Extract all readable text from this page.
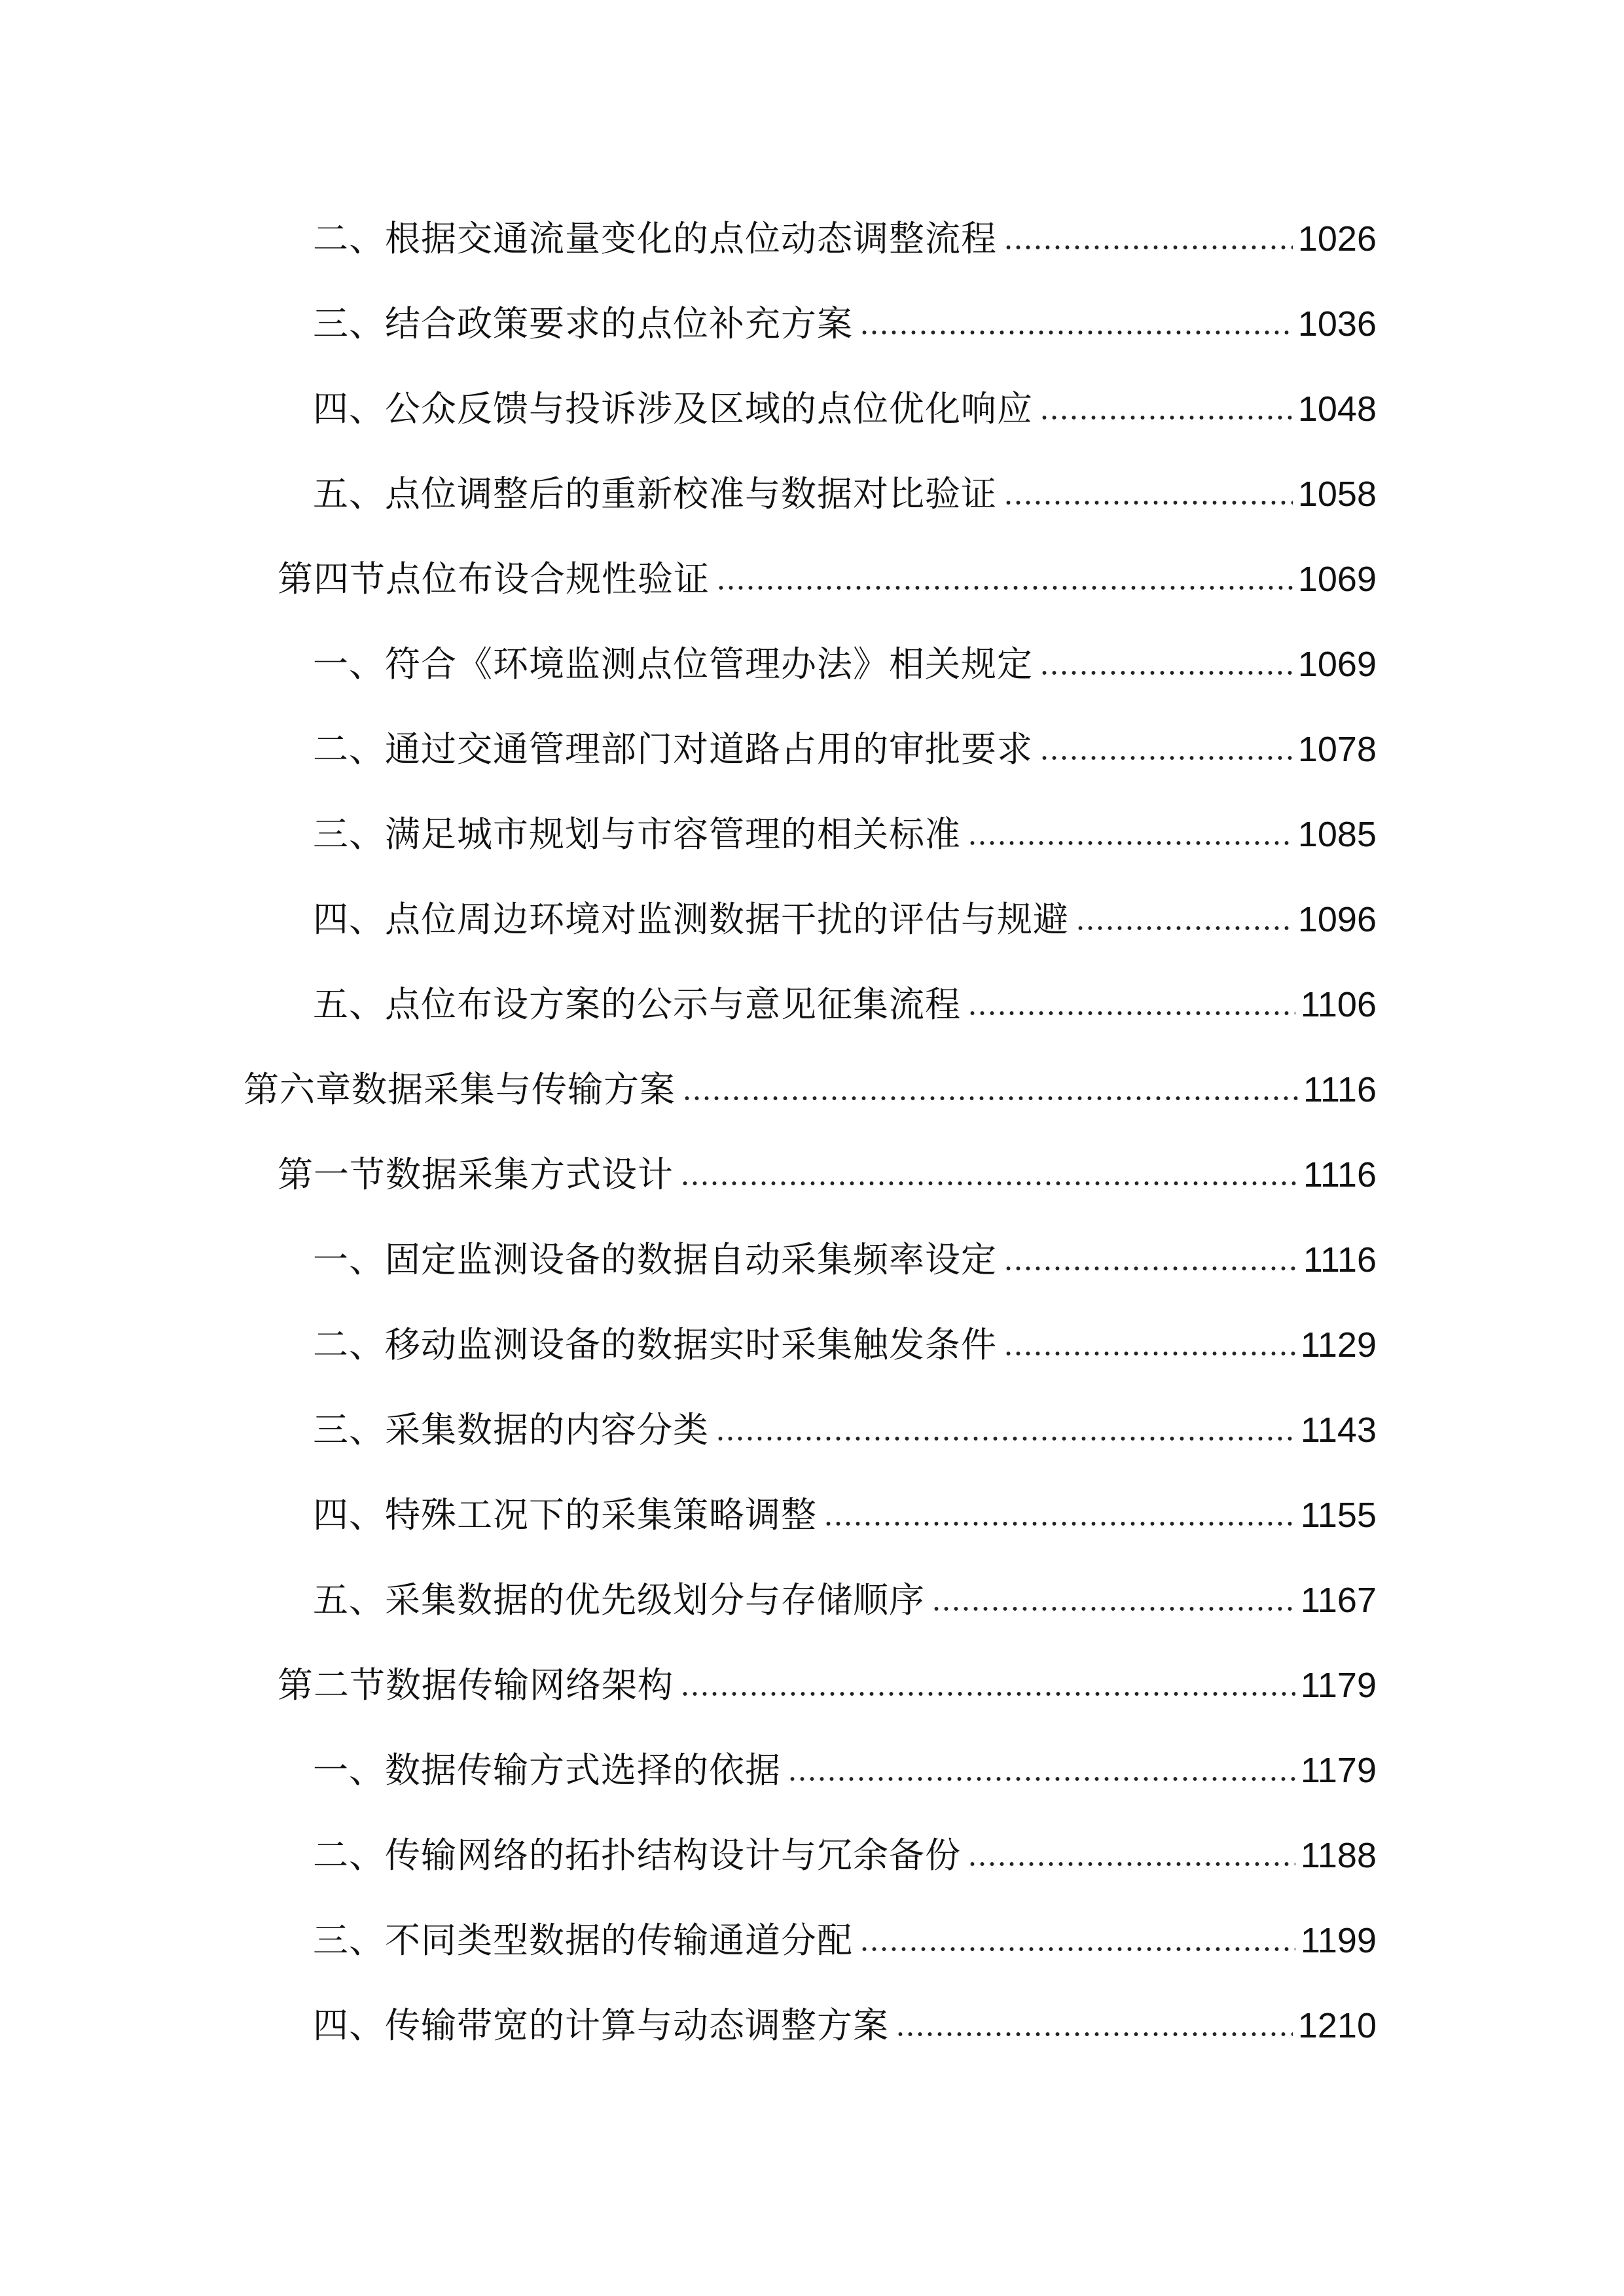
二、根据交通流量变化的点位动态调整流程	1026
三、结合政策要求的点位补充方案	1036
四、公众反馈与投诉涉及区域的点位优化响应	1048
五、点位调整后的重新校准与数据对比验证	1058
第四节点位布设合规性验证	1069
一、符合《环境监测点位管理办法》相关规定	1069
二、通过交通管理部门对道路占用的审批要求	1078
三、满足城市规划与市容管理的相关标准	1085
四、点位周边环境对监测数据干扰的评估与规避	1096
五、点位布设方案的公示与意见征集流程	1106
第六章数据采集与传输方案	1116
第一节数据采集方式设计	1116
一、固定监测设备的数据自动采集频率设定	1116
二、移动监测设备的数据实时采集触发条件	1129
三、采集数据的内容分类	1143
四、特殊工况下的采集策略调整	1155
五、采集数据的优先级划分与存储顺序	1167
第二节数据传输网络架构	1179
一、数据传输方式选择的依据	1179
二、传输网络的拓扑结构设计与冗余备份	1188
三、不同类型数据的传输通道分配	1199
四、传输带宽的计算与动态调整方案	1210
